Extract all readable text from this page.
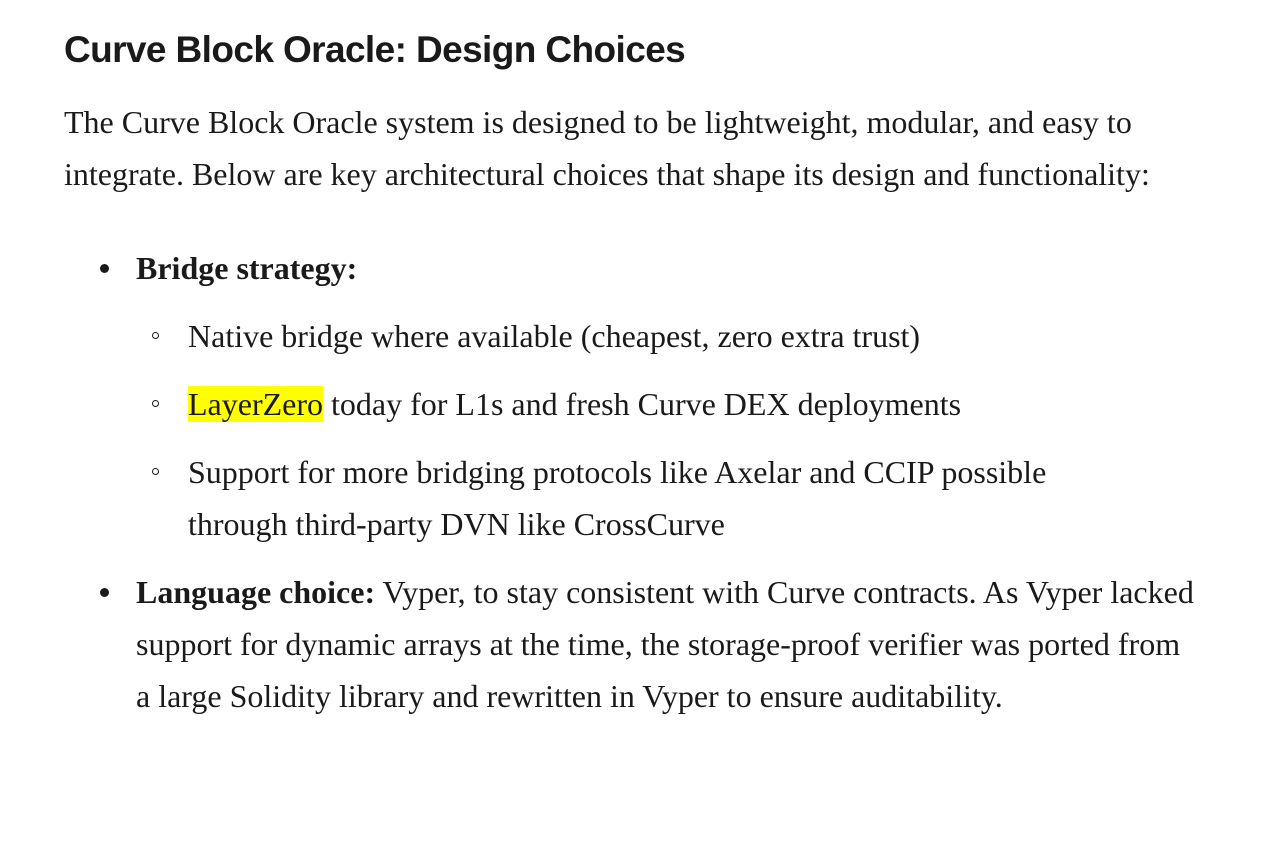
Curve Block Oracle: Design Choices

The Curve Block Oracle system is designed to be lightweight, modular, and easy to integrate. Below are key architectural choices that shape its design and functionality:

Bridge strategy:
Native bridge where available (cheapest, zero extra trust)
LayerZero today for L1s and fresh Curve DEX deployments
Support for more bridging protocols like Axelar and CCIP possible through third-party DVN like CrossCurve
Language choice: Vyper, to stay consistent with Curve contracts. As Vyper lacked support for dynamic arrays at the time, the storage-proof verifier was ported from a large Solidity library and rewritten in Vyper to ensure auditability.
